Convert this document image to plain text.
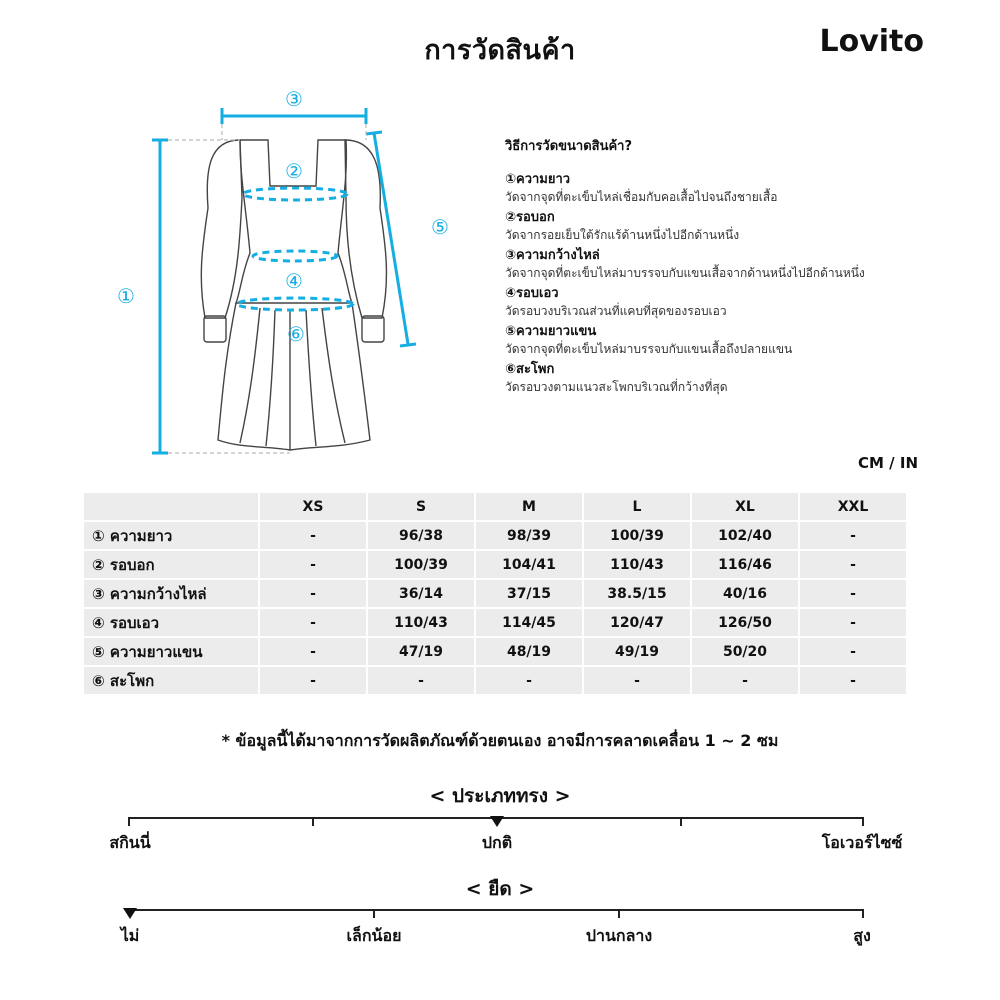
การวัดสินค้า	Lovito
①
②
③
④
⑤
⑥
วิธีการวัดขนาดสินค้า?
①ความยาว
วัดจากจุดที่ตะเข็บไหล่เชื่อมกับคอเสื้อไปจนถึงชายเสื้อ
②รอบอก
วัดจากรอยเย็บใต้รักแร้ด้านหนึ่งไปอีกด้านหนึ่ง
③ความกว้างไหล่
วัดจากจุดที่ตะเข็บไหล่มาบรรจบกับแขนเสื้อจากด้านหนึ่งไปอีกด้านหนึ่ง
④รอบเอว
วัดรอบวงบริเวณส่วนที่แคบที่สุดของรอบเอว
⑤ความยาวแขน
วัดจากจุดที่ตะเข็บไหล่มาบรรจบกับแขนเสื้อถึงปลายแขน
⑥สะโพก
วัดรอบวงตามแนวสะโพกบริเวณที่กว้างที่สุด
CM / IN
	XS	S	M	L	XL	XXL
① ความยาว	-	96/38	98/39	100/39	102/40	-
② รอบอก	-	100/39	104/41	110/43	116/46	-
③ ความกว้างไหล่	-	36/14	37/15	38.5/15	40/16	-
④ รอบเอว	-	110/43	114/45	120/47	126/50	-
⑤ ความยาวแขน	-	47/19	48/19	49/19	50/20	-
⑥ สะโพก	-	-	-	-	-	-
* ข้อมูลนี้ได้มาจากการวัดผลิตภัณฑ์ด้วยตนเอง อาจมีการคลาดเคลื่อน 1 ~ 2 ซม
< ประเภททรง >
สกินนี่	ปกติ	โอเวอร์ไซซ์
< ยืด >
ไม่	เล็กน้อย	ปานกลาง	สูง
